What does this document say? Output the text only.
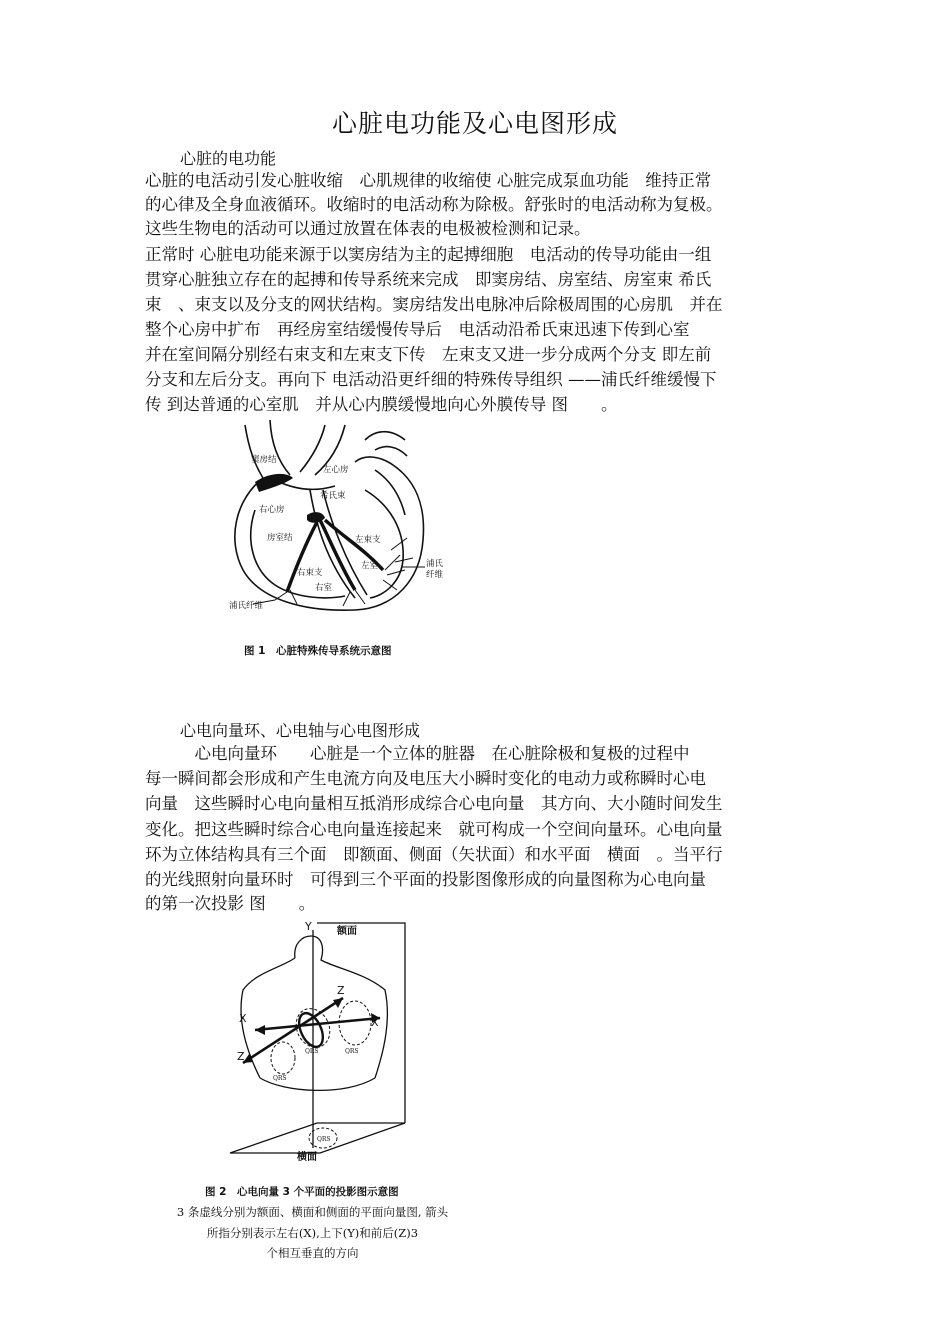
心脏电功能及心电图形成
心脏的电功能
心脏的电活动引发心脏收缩　心肌规律的收缩使 心脏完成泵血功能　维持正常
的心律及全身血液循环。收缩时的电活动称为除极。舒张时的电活动称为复极。
这些生物电的活动可以通过放置在体表的电极被检测和记录。
正常时 心脏电功能来源于以窦房结为主的起搏细胞　电活动的传导功能由一组
贯穿心脏独立存在的起搏和传导系统来完成　即窦房结、房室结、房室束 希氏
束　、束支以及分支的网状结构。窦房结发出电脉冲后除极周围的心房肌　并在
整个心房中扩布　再经房室结缓慢传导后　电活动沿希氏束迅速下传到心室
并在室间隔分别经右束支和左束支下传　左束支又进一步分成两个分支 即左前
分支和左后分支。再向下 电活动沿更纤细的特殊传导组织 ——浦氏纤维缓慢下
传 到达普通的心室肌　并从心内膜缓慢地向心外膜传导 图　　。
窦房结
左心房
希氏束
右心房
房室结	左束支
左室
右束支
右室
浦氏
纤维
浦氏纤维
图 1　心脏特殊传导系统示意图
心电向量环、心电轴与心电图形成
　　　心电向量环　　心脏是一个立体的脏器　在心脏除极和复极的过程中
每一瞬间都会形成和产生电流方向及电压大小瞬时变化的电动力或称瞬时心电
向量　这些瞬时心电向量相互抵消形成综合心电向量　其方向、大小随时间发生
变化。把这些瞬时综合心电向量连接起来　就可构成一个空间向量环。心电向量
环为立体结构具有三个面　即额面、侧面（矢状面）和水平面　横面　。当平行
的光线照射向量环时　可得到三个平面的投影图像形成的向量图称为心电向量
的第一次投影 图　　。
额面
横面
Y
X	X
Z
Z
QRS
QRS
QRS
QRS
图 2　心电向量 3 个平面的投影图示意图
3 条虚线分别为额面、横面和侧面的平面向量图, 箭头
所指分别表示左右(X),上下(Y)和前后(Z)3
个相互垂直的方向
